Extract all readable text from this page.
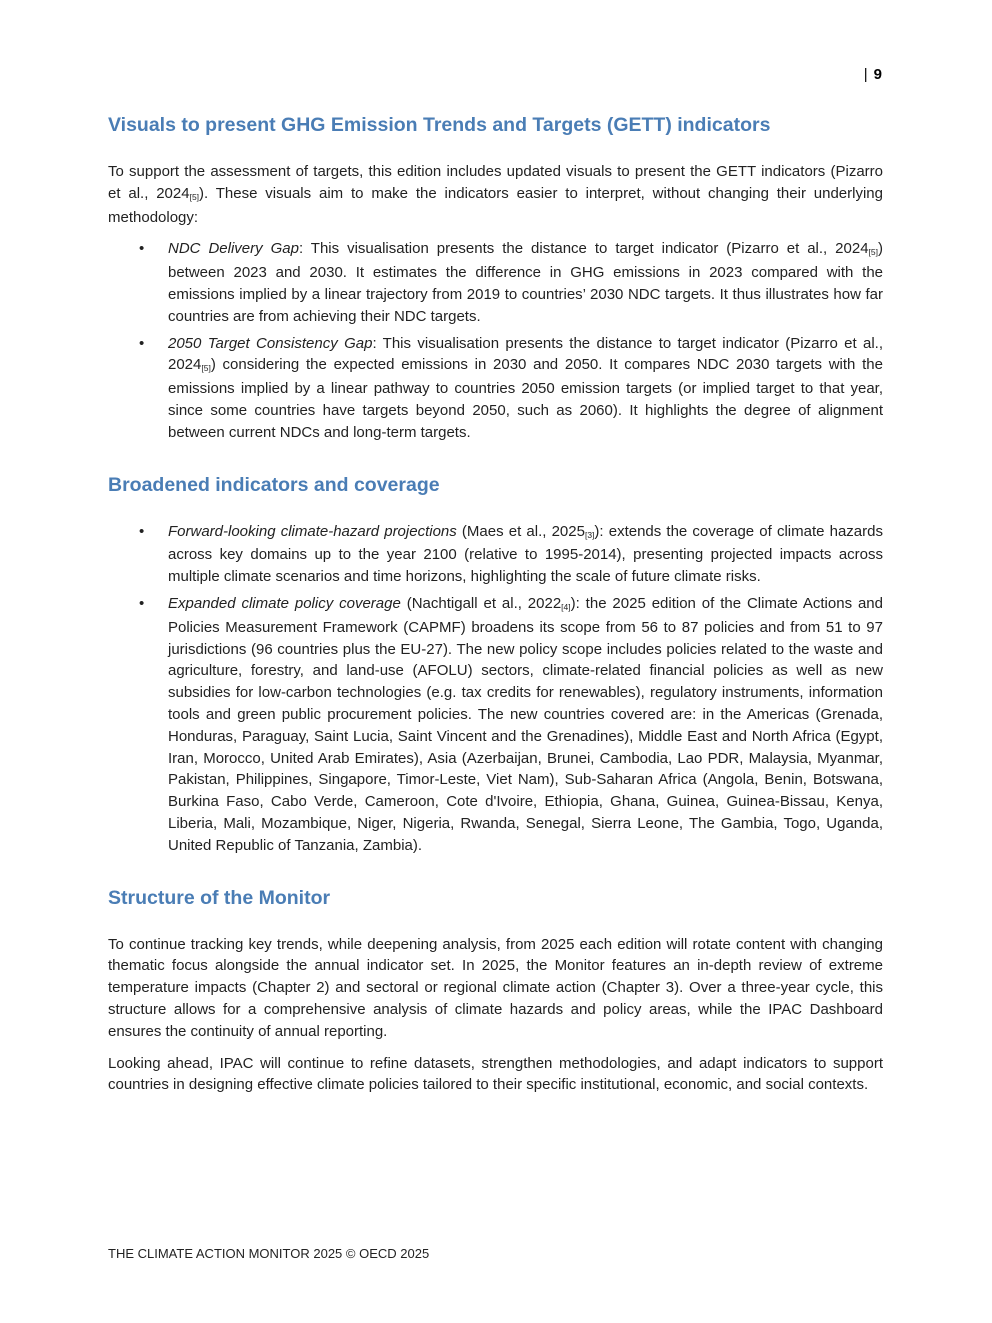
| 9
Visuals to present GHG Emission Trends and Targets (GETT) indicators

To support the assessment of targets, this edition includes updated visuals to present the GETT indicators (Pizarro et al., $2024_{[5]}$). These visuals aim to make the indicators easier to interpret, without changing their underlying methodology:

• NDC Delivery Gap: This visualisation presents the distance to target indicator (Pizarro et al., $2024_{[5]}$) between 2023 and 2030. It estimates the difference in GHG emissions in 2023 compared with the emissions implied by a linear trajectory from 2019 to countries’ 2030 NDC targets. It thus illustrates how far countries are from achieving their NDC targets.
• 2050 Target Consistency Gap: This visualisation presents the distance to target indicator (Pizarro et al., $2024_{[5]}$) considering the expected emissions in 2030 and 2050. It compares NDC 2030 targets with the emissions implied by a linear pathway to countries 2050 emission targets (or implied target to that year, since some countries have targets beyond 2050, such as 2060). It highlights the degree of alignment between current NDCs and long-term targets.
Broadened indicators and coverage
• Forward-looking climate-hazard projections (Maes et al., $2025_{[3]}$): extends the coverage of climate hazards across key domains up to the year 2100 (relative to 1995-2014), presenting projected impacts across multiple climate scenarios and time horizons, highlighting the scale of future climate risks.
• Expanded climate policy coverage (Nachtigall et al., $2022_{[4]}$): the 2025 edition of the Climate Actions and Policies Measurement Framework (CAPMF) broadens its scope from 56 to 87 policies and from 51 to 97 jurisdictions (96 countries plus the EU-27). The new policy scope includes policies related to the waste and agriculture, forestry, and land-use (AFOLU) sectors, climate-related financial policies as well as new subsidies for low-carbon technologies (e.g. tax credits for renewables), regulatory instruments, information tools and green public procurement policies. The new countries covered are: in the Americas (Grenada, Honduras, Paraguay, Saint Lucia, Saint Vincent and the Grenadines), Middle East and North Africa (Egypt, Iran, Morocco, United Arab Emirates), Asia (Azerbaijan, Brunei, Cambodia, Lao PDR, Malaysia, Myanmar, Pakistan, Philippines, Singapore, Timor-Leste, Viet Nam), Sub-Saharan Africa (Angola, Benin, Botswana, Burkina Faso, Cabo Verde, Cameroon, Cote d'Ivoire, Ethiopia, Ghana, Guinea, Guinea-Bissau, Kenya, Liberia, Mali, Mozambique, Niger, Nigeria, Rwanda, Senegal, Sierra Leone, The Gambia, Togo, Uganda, United Republic of Tanzania, Zambia).
Structure of the Monitor

To continue tracking key trends, while deepening analysis, from 2025 each edition will rotate content with changing thematic focus alongside the annual indicator set. In 2025, the Monitor features an in-depth review of extreme temperature impacts (Chapter 2) and sectoral or regional climate action (Chapter 3). Over a three-year cycle, this structure allows for a comprehensive analysis of climate hazards and policy areas, while the IPAC Dashboard ensures the continuity of annual reporting.

Looking ahead, IPAC will continue to refine datasets, strengthen methodologies, and adapt indicators to support countries in designing effective climate policies tailored to their specific institutional, economic, and social contexts.

THE CLIMATE ACTION MONITOR 2025 © OECD 2025
